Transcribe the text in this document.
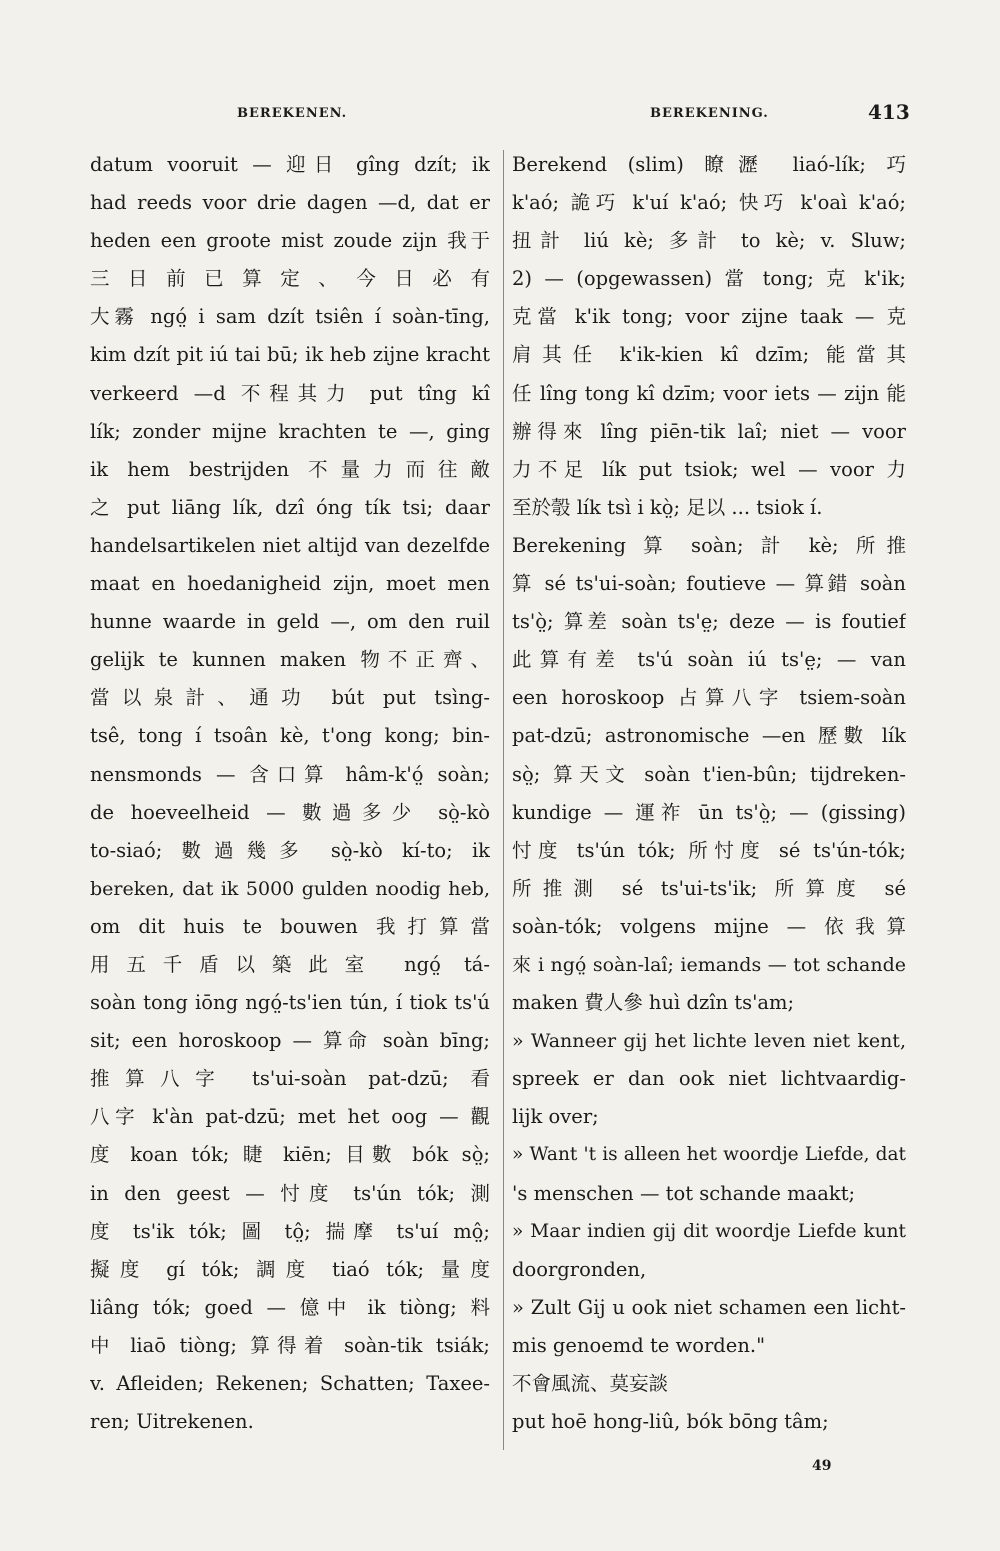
BEREKENEN.	BEREKENING.	413
datum vooruit — 迎日 gîng dzít; ik
had reeds voor drie dagen —d, dat er
heden een groote mist zoude zijn 我于
三日前已算定、今日必有
大霧 ngó̤ i sam dzít tsiên í soàn-tīng,
kim dzít pit iú tai bū; ik heb zijne kracht
verkeerd —d 不程其力 put tîng kî
lík; zonder mijne krachten te —, ging
ik hem bestrijden 不量力而往敵
之 put liāng lík, dzî óng tík tsi; daar
handelsartikelen niet altijd van dezelfde
maat en hoedanigheid zijn, moet men
hunne waarde in geld —, om den ruil
gelijk te kunnen maken 物不正齊、
當以泉計、通功 bút put tsìng-
tsê, tong í tsoân kè, t'ong kong; bin-
nensmonds — 含口算 hâm-k'ó̤ soàn;
de hoeveelheid — 數過多少 sò̤-kò
to-siaó; 數過幾多 sò̤-kò kí-to; ik
bereken, dat ik 5000 gulden noodig heb,
om dit huis te bouwen 我打算當
用五千盾以築此室 ngó̤ tá-
soàn tong iōng ngó̤-ts'ien tún, í tiok ts'ú
sit; een horoskoop — 算命 soàn bīng;
推算八字 ts'ui-soàn pat-dzū; 看
八字 k'àn pat-dzū; met het oog — 觀
度 koan tók; 睫 kiēn; 目數 bók sò̤;
in den geest — 忖度 ts'ún tók; 測
度 ts'ik tók; 圖 tô̤; 揣摩 ts'uí mô̤;
擬度 gí tók; 調度 tiaó tók; 量度
liâng tók; goed — 億中 ik tiòng; 料
中 liaō tiòng; 算得着 soàn-tik tsiák;
v. Afleiden; Rekenen; Schatten; Taxee-
ren; Uitrekenen.
Berekend (slim) 瞭瀝 liaó-lík; 巧
k'aó; 詭巧 k'uí k'aó; 快巧 k'oaì k'aó;
扭計 liú kè; 多計 to kè; v. Sluw;
2) — (opgewassen) 當 tong; 克 k'ik;
克當 k'ik tong; voor zijne taak — 克
肩其任 k'ik-kien kî dzīm; 能當其
任 lîng tong kî dzīm; voor iets — zijn 能
辦得來 lîng piēn-tik laî; niet — voor
力不足 lík put tsiok; wel — voor 力
至於彀 lík tsì i kò̤; 足以 ... tsiok í.
Berekening 算 soàn; 計 kè; 所推
算 sé ts'ui-soàn; foutieve — 算錯 soàn
ts'ò̤; 算差 soàn ts'e̤; deze — is foutief
此算有差 ts'ú soàn iú ts'e̤; — van
een horoskoop 占算八字 tsiem-soàn
pat-dzū; astronomische —en 歷數 lík
sò̤; 算天文 soàn t'ien-bûn; tijdreken-
kundige — 運祚 ūn ts'ò̤; — (gissing)
忖度 ts'ún tók; 所忖度 sé ts'ún-tók;
所推測 sé ts'ui-ts'ik; 所算度 sé
soàn-tók; volgens mijne — 依我算
來 i ngó̤ soàn-laî; iemands — tot schande
maken 費人參 huì dzîn ts'am;
» Wanneer gij het lichte leven niet kent,
spreek er dan ook niet lichtvaardig-
lijk over;
» Want 't is alleen het woordje Liefde, dat
's menschen — tot schande maakt;
» Maar indien gij dit woordje Liefde kunt
doorgronden,
» Zult Gij u ook niet schamen een licht-
mis genoemd te worden."
不會風流、莫妄談
put hoē hong-liû, bók bōng tâm;
49
